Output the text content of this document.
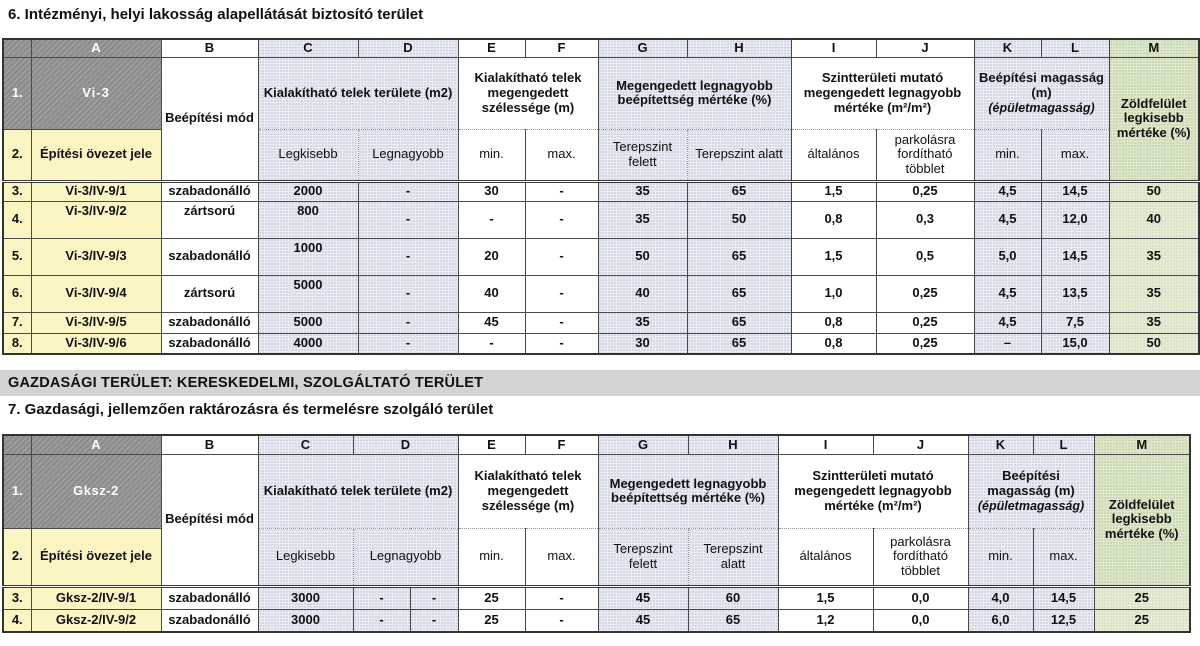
6. Intézményi, helyi lakosság alapellátását biztosító terület
	A	B	C	D	E	F	G	H	I	J	K	L	M
1.	Vi-3	Beépítési mód	Kialakítható telek területe (m2)		Kialakítható telek megengedett szélessége (m)		Megengedett legnagyobb beépítettség mértéke (%)		Szintterületi mutató megengedett legnagyobb mértéke (m²/m²)		Beépítési magasság (m)
(épületmagasság)		Zöldfelület legkisebb mértéke (%)
2.	Építési övezet jele		Legkisebb	Legnagyobb	min.	max.	Terepszint felett	Terepszint alatt	általános	parkolásra fordítható többlet	min.	max.	
3.	Vi-3/IV-9/1	szabadonálló	2000	-	30	-	35	65	1,5	0,25	4,5	14,5	50
4.	Vi-3/IV-9/2	zártsorú	800	-	-	-	35	50	0,8	0,3	4,5	12,0	40
5.	Vi-3/IV-9/3	szabadonálló	1000	-	20	-	50	65	1,5	0,5	5,0	14,5	35
6.	Vi-3/IV-9/4	zártsorú	5000	-	40	-	40	65	1,0	0,25	4,5	13,5	35
7.	Vi-3/IV-9/5	szabadonálló	5000	-	45	-	35	65	0,8	0,25	4,5	7,5	35
8.	Vi-3/IV-9/6	szabadonálló	4000	-	-	-	30	65	0,8	0,25	–	15,0	50
GAZDASÁGI TERÜLET: KERESKEDELMI, SZOLGÁLTATÓ TERÜLET
7. Gazdasági, jellemzően raktározásra és termelésre szolgáló terület
	A	B	C	D		E	F	G	H	I	J	K	L	M
1.	Gksz-2	Beépítési mód	Kialakítható telek területe (m2)			Kialakítható telek megengedett szélessége (m)		Megengedett legnagyobb beépítettség mértéke (%)		Szintterületi mutató megengedett legnagyobb mértéke (m²/m²)		Beépítési magasság (m)
(épületmagasság)		Zöldfelület legkisebb mértéke (%)
2.	Építési övezet jele		Legkisebb	Legnagyobb		min.	max.	Terepszint felett	Terepszint alatt	általános	parkolásra fordítható többlet	min.	max.	
3.	Gksz-2/IV-9/1	szabadonálló	3000	-	-	25	-	45	60	1,5	0,0	4,0	14,5	25
4.	Gksz-2/IV-9/2	szabadonálló	3000	-	-	25	-	45	65	1,2	0,0	6,0	12,5	25
